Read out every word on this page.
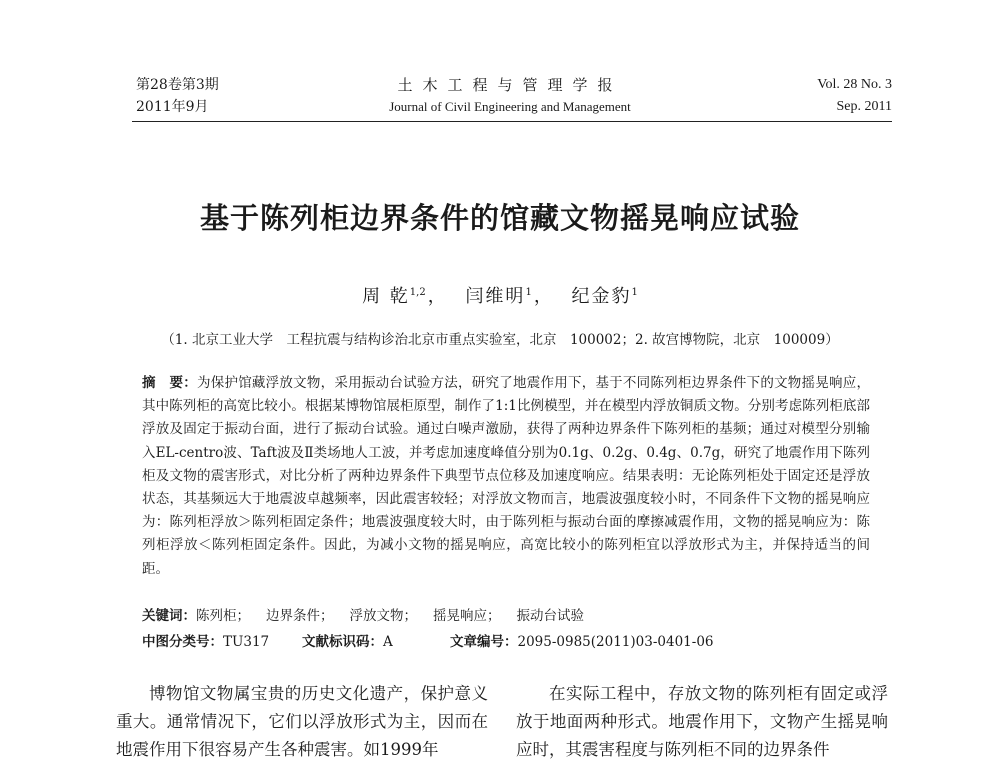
第28卷第3期
2011年9月
土木工程与管理学报
Journal of Civil Engineering and Management
Vol. 28 No. 3
Sep. 2011
基于陈列柜边界条件的馆藏文物摇晃响应试验
周 乾$^{1,2}$ ， 闫维明$^1$ ， 纪金豹$^1$
（1. 北京工业大学　工程抗震与结构诊治北京市重点实验室，北京　100002；2. 故宫博物院，北京　100009）
摘　要：为保护馆藏浮放文物，采用振动台试验方法，研究了地震作用下，基于不同陈列柜边界条件下的文物摇晃响应，其中陈列柜的高宽比较小。根据某博物馆展柜原型，制作了1:1比例模型，并在模型内浮放铜质文物。分别考虑陈列柜底部浮放及固定于振动台面，进行了振动台试验。通过白噪声激励，获得了两种边界条件下陈列柜的基频；通过对模型分别输入EL-centro波、Taft波及Ⅱ类场地人工波，并考虑加速度峰值分别为0.1g、0.2g、0.4g、0.7g，研究了地震作用下陈列柜及文物的震害形式，对比分析了两种边界条件下典型节点位移及加速度响应。结果表明：无论陈列柜处于固定还是浮放状态，其基频远大于地震波卓越频率，因此震害较轻；对浮放文物而言，地震波强度较小时，不同条件下文物的摇晃响应为：陈列柜浮放＞陈列柜固定条件；地震波强度较大时，由于陈列柜与振动台面的摩擦减震作用，文物的摇晃响应为：陈列柜浮放＜陈列柜固定条件。因此，为减小文物的摇晃响应，高宽比较小的陈列柜宜以浮放形式为主，并保持适当的间距。
关键词：陈列柜； 边界条件； 浮放文物； 摇晃响应； 振动台试验
中图分类号：TU317 文献标识码：A	文章编号：2095-0985(2011)03-0401-06
博物馆文物属宝贵的历史文化遗产，保护意义重大。通常情况下，它们以浮放形式为主，因而在地震作用下很容易产生各种震害。如1999年
在实际工程中，存放文物的陈列柜有固定或浮放于地面两种形式。地震作用下，文物产生摇晃响应时，其震害程度与陈列柜不同的边界条件
